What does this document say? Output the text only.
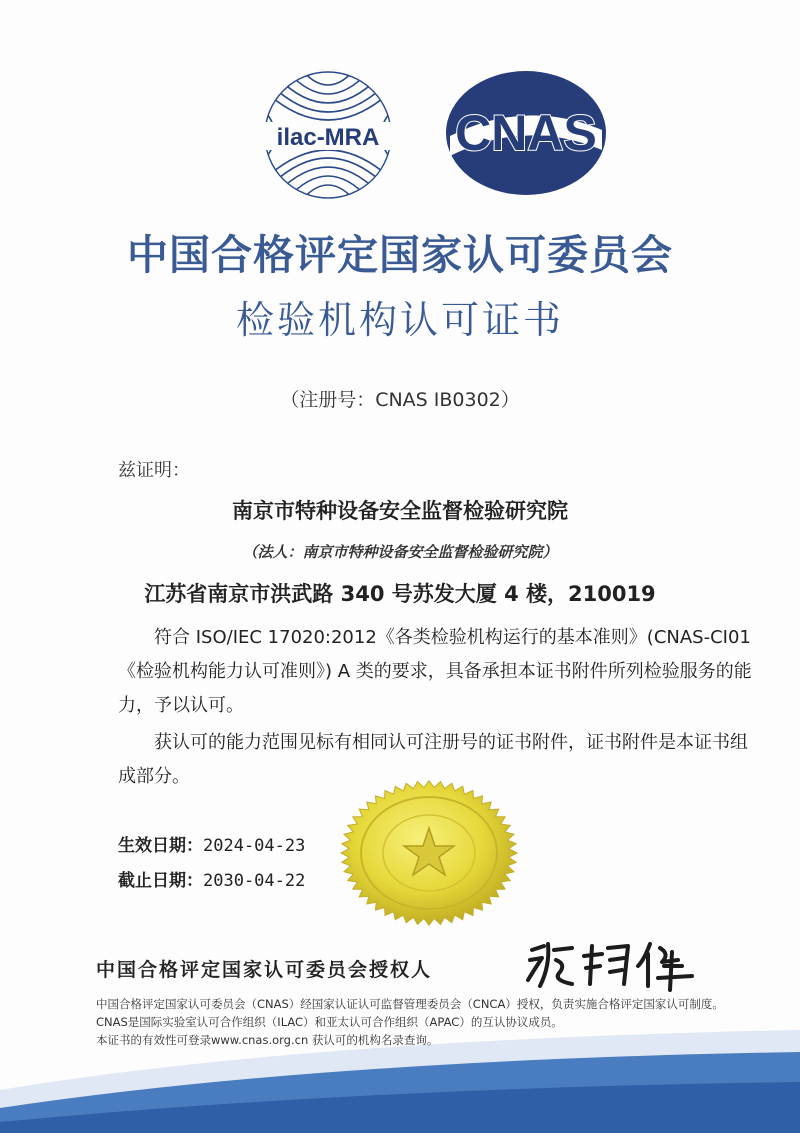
ilac-MRA CNAS
中国合格评定国家认可委员会
检验机构认可证书
（注册号：CNAS IB0302）
兹证明：
南京市特种设备安全监督检验研究院
（法人：南京市特种设备安全监督检验研究院）
江苏省南京市洪武路 340 号苏发大厦 4 楼，210019
符合 ISO/IEC 17020:2012《各类检验机构运行的基本准则》(CNAS-CI01《检验机构能力认可准则》) A 类的要求，具备承担本证书附件所列检验服务的能力，予以认可。
获认可的能力范围见标有相同认可注册号的证书附件，证书附件是本证书组成部分。
生效日期：2024-04-23
截止日期：2030-04-22
中国合格评定国家认可委员会授权人
中国合格评定国家认可委员会（CNAS）经国家认证认可监督管理委员会（CNCA）授权，负责实施合格评定国家认可制度。
CNAS是国际实验室认可合作组织（ILAC）和亚太认可合作组织（APAC）的互认协议成员。
本证书的有效性可登录www.cnas.org.cn 获认可的机构名录查询。
